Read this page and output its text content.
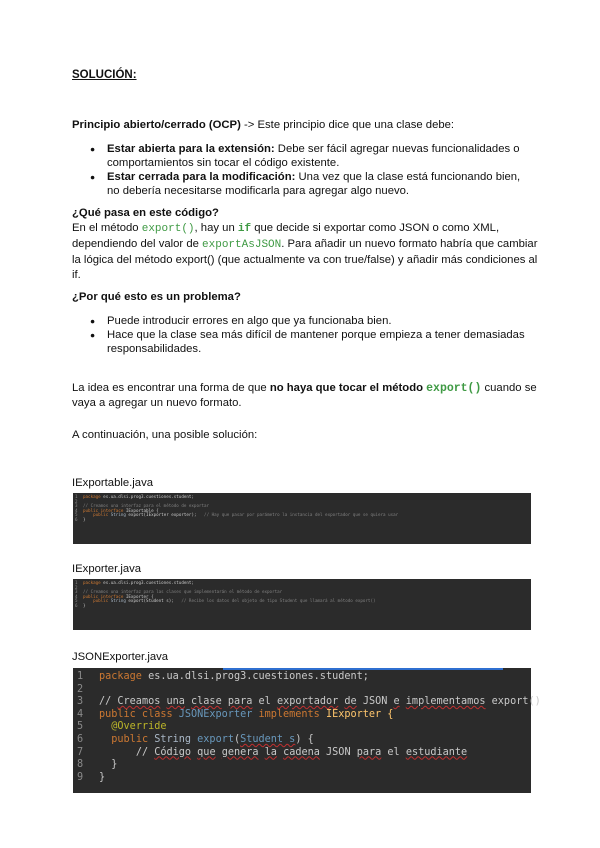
SOLUCIÓN:
Principio abierto/cerrado (OCP) -> Este principio dice que una clase debe:
● Estar abierta para la extensión: Debe ser fácil agregar nuevas funcionalidades o comportamientos sin tocar el código existente.
● Estar cerrada para la modificación: Una vez que la clase está funcionando bien, no debería necesitarse modificarla para agregar algo nuevo.
¿Qué pasa en este código?
En el método export(), hay un if que decide si exportar como JSON o como XML, dependiendo del valor de exportAsJSON. Para añadir un nuevo formato habría que cambiar la lógica del método export() (que actualmente va con true/false) y añadir más condiciones al if.
¿Por qué esto es un problema?
● Puede introducir errores en algo que ya funcionaba bien.
● Hace que la clase sea más difícil de mantener porque empieza a tener demasiadas responsabilidades.
La idea es encontrar una forma de que no haya que tocar el método export() cuando se vaya a agregar un nuevo formato.
A continuación, una posible solución:
IExportable.java
1	package es.ua.dlsi.prog3.cuestiones.student;
2

3	// Creamos una interfaz para el método de exportar
4	public interface IExportable {
5	public String export(IExporter exporter);   // Hay que pasar por parámetro la instancia del exportador que se quiera usar
6	}
IExporter.java
1	package es.ua.dlsi.prog3.cuestiones.student;
2

3	// Creamos una interfaz para las clases que implementarán el método de exportar
4	public interface IExporter {
5	public String export(Student s);   // Recibe los datos del objeto de tipo Student que llamará al método export()
6	}
JSONExporter.java
1	package es.ua.dlsi.prog3.cuestiones.student;
2

3	// Creamos una clase para el exportador de JSON e implementamos export()
4	public class JSONExporter implements IExporter {
5	@Override
6	public String export(Student s) {
7	// Código que genera la cadena JSON para el estudiante
8	}
9	}
